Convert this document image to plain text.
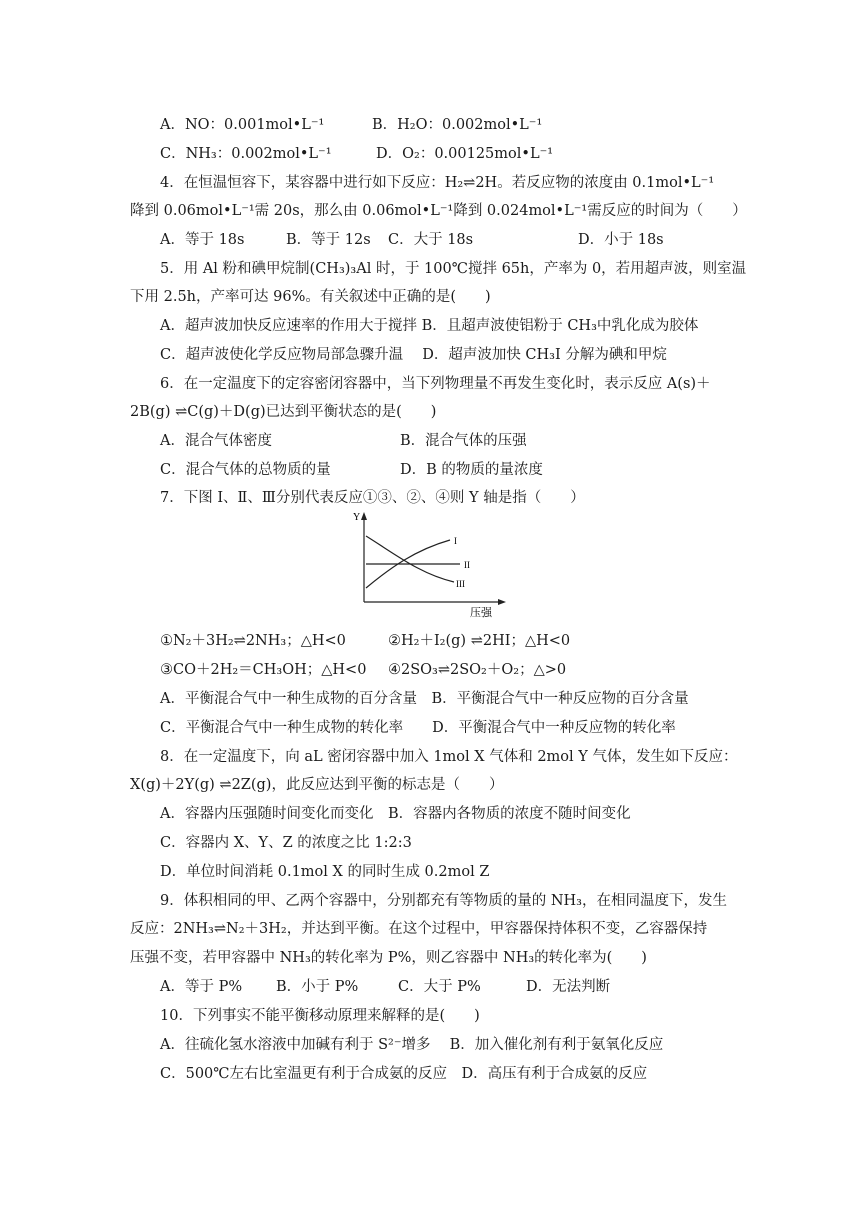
A．NO：0.001mol•L⁻¹	B．H₂O：0.002mol•L⁻¹
C．NH₃：0.002mol•L⁻¹	D．O₂：0.00125mol•L⁻¹
4．在恒温恒容下，某容器中进行如下反应：H₂⇌2H。若反应物的浓度由 0.1mol•L⁻¹
降到 0.06mol•L⁻¹需 20s，那么由 0.06mol•L⁻¹降到 0.024mol•L⁻¹需反应的时间为（　　）
A．等于 18s	B．等于 12s C．大于 18s	D．小于 18s
5．用 Al 粉和碘甲烷制(CH₃)₃Al 时，于 100℃搅拌 65h，产率为 0，若用超声波，则室温
下用 2.5h，产率可达 96%。有关叙述中正确的是(　　)
A．超声波加快反应速率的作用大于搅拌 B．且超声波使铝粉于 CH₃中乳化成为胶体
C．超声波使化学反应物局部急骤升温　 D．超声波加快 CH₃I 分解为碘和甲烷
6．在一定温度下的定容密闭容器中，当下列物理量不再发生变化时，表示反应 A(s)＋
2B(g) ⇌C(g)＋D(g)已达到平衡状态的是(　　)
A．混合气体密度	B．混合气体的压强
C．混合气体的总物质的量	D．B 的物质的量浓度
7．下图 I、Ⅱ、Ⅲ分别代表反应①③、②、④则 Y 轴是指（　　）
Y
压强
I
II
III
①N₂＋3H₂⇌2NH₃；△H<0	②H₂＋I₂(g) ⇌2HI；△H<0
③CO＋2H₂＝CH₃OH；△H<0 ④2SO₃⇌2SO₂＋O₂；△>0
A．平衡混合气中一种生成物的百分含量　B．平衡混合气中一种反应物的百分含量
C．平衡混合气中一种生成物的转化率　　D．平衡混合气中一种反应物的转化率
8．在一定温度下，向 aL 密闭容器中加入 1mol X 气体和 2mol Y 气体，发生如下反应：
X(g)＋2Y(g) ⇌2Z(g)，此反应达到平衡的标志是（　　）
A．容器内压强随时间变化而变化　B．容器内各物质的浓度不随时间变化
C．容器内 X、Y、Z 的浓度之比 1:2:3
D．单位时间消耗 0.1mol X 的同时生成 0.2mol Z
9．体积相同的甲、乙两个容器中，分别都充有等物质的量的 NH₃，在相同温度下，发生
反应：2NH₃⇌N₂＋3H₂，并达到平衡。在这个过程中，甲容器保持体积不变，乙容器保持
压强不变，若甲容器中 NH₃的转化率为 P%，则乙容器中 NH₃的转化率为(　　)
A．等于 P% B．小于 P%	C．大于 P%	D．无法判断
10．下列事实不能平衡移动原理来解释的是(　　)
A．往硫化氢水溶液中加碱有利于 S²⁻增多　 B．加入催化剂有利于氨氧化反应
C．500℃左右比室温更有利于合成氨的反应　D．高压有利于合成氨的反应
